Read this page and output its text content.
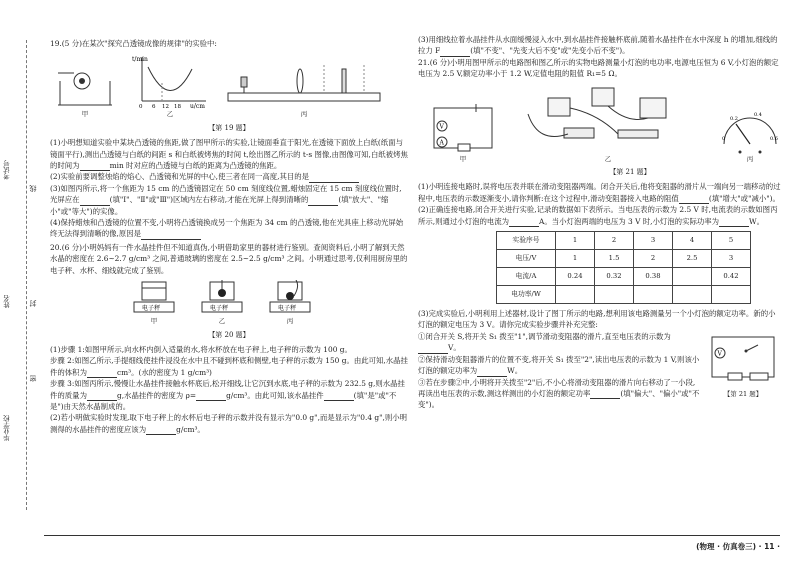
考试号
姓名
毕业学校
线
封
密

19.(5 分)在某次"探究凸透镜成像的规律"的实验中:

甲
t/min
u/cm
0 6 12 18
乙	丙
【第 19 题】

(1)小明想知道实验中某块凸透镜的焦距,做了图甲所示的实验,让镜面垂直于阳光,在透镜下面放上白纸(纸面与镜面平行),测出凸透镜与白纸的间距 s 和白纸被烤焦的时间 t,绘出图乙所示的 t-s 图像,由图像可知,白纸被烤焦的时间为	min 时对应的凸透镜与白纸的距离为凸透镜的焦距。

(2)实验前要调整烛焰的焰心、凸透镜和光屏的中心,使三者在同一高度,其目的是

(3)如图丙所示,将一个焦距为 15 cm 的凸透镜固定在 50 cm 刻度线位置,蜡烛固定在 15 cm 刻度线位置时,光屏应在	(填"Ⅰ"、"Ⅱ"或"Ⅲ")区域内左右移动,才能在光屏上得到清晰的	(填"放大"、"缩小"或"等大")的实像。

(4)保持蜡烛和凸透镜的位置不变,小明将凸透镜换成另一个焦距为 34 cm 的凸透镜,他在光具座上移动光屏始终无法得到清晰的像,原因是

20.(6 分)小明妈妈有一件水晶挂件但不知道真伪,小明借助家里的器材进行鉴别。查阅资料后,小明了解到天然水晶的密度在 2.6~2.7 g/cm³ 之间,普通玻璃的密度在 2.5~2.5 g/cm³ 之间。小明通过思考,仅利用厨房里的电子秤、水杯、细线就完成了鉴别。

电子秤
甲
电子秤
乙
电子秤
丙
【第 20 题】

(1)步骤 1:如图甲所示,向水杯内倒入适量的水,将水杯放在电子秤上,电子秤的示数为 100 g。

步骤 2:如图乙所示,手提细线使挂件浸没在水中且不碰到杯底和侧壁,电子秤的示数为 150 g。由此可知,水晶挂件的体积为	cm³。(水的密度为 1 g/cm³)

步骤 3:如图丙所示,慢慢让水晶挂件接触水杯底后,松开细线,让它沉到水底,电子秤的示数为 232.5 g,则水晶挂件的质量为	g,水晶挂件的密度为 ρ=	g/cm³。由此可知,该水晶挂件	(填"是"或"不是")由天然水晶制成的。

(2)若小明做实验时发现,取下电子秤上的水杯后电子秤的示数并没有显示为"0.0 g",而是显示为"0.4 g",则小明测得的水晶挂件的密度应该为	g/cm³。

(3)用细线拉着水晶挂件从水面缓慢浸入水中,到水晶挂件接触杯底前,随着水晶挂件在水中深度 h 的增加,细线的拉力 F	(填"不变"、"先变大后不变"或"先变小后不变")。

21.(6 分)小明用图甲所示的电路图和图乙所示的实物电路测量小灯泡的电功率,电源电压恒为 6 V,小灯泡的额定电压为 2.5 V,额定功率小于 1.2 W,定值电阻的阻值 R₁=5 Ω。

V
A
甲	乙
0
0.2
0.4
0.6
丙
【第 21 题】

(1)小明连接电路时,误将电压表并联在滑动变阻器两端。闭合开关后,他将变阻器的滑片从一端向另一端移动的过程中,电压表的示数逐渐变小,请你判断:在这个过程中,滑动变阻器接入电路的阻值	(填"增大"或"减小")。

(2)正确连接电路,闭合开关进行实验,记录的数据如下表所示。当电压表的示数为 2.5 V 时,电流表的示数如图丙所示,则通过小灯泡的电流为	A。当小灯泡两端的电压为 3 V 时,小灯泡的实际功率为	W。

实验序号	1	2	3	4	5
电压/V	1	1.5	2	2.5	3
电流/A	0.24	0.32	0.38		0.42
电功率/W					

(3)完成实验后,小明利用上述器材,设计了图丁所示的电路,想利用该电路测量另一个小灯泡的额定功率。新的小灯泡的额定电压为 3 V。请你完成实验步骤并补充完整:

①闭合开关 S,将开关 S₁ 拨至"1",调节滑动变阻器的滑片,直至电压表的示数为V。

②保持滑动变阻器滑片的位置不变,将开关 S₁ 拨至"2",读出电压表的示数为 1 V,则该小灯泡的额定功率为	W。

③若在步骤②中,小明将开关拨至"2"后,不小心将滑动变阻器的滑片向右移动了一小段,再读出电压表的示数,测这样测出的小灯泡的额定功率	(填"偏大"、"偏小"或"不变")。

V
【第 21 题】
(物理 · 仿真卷三) · 11 ·
